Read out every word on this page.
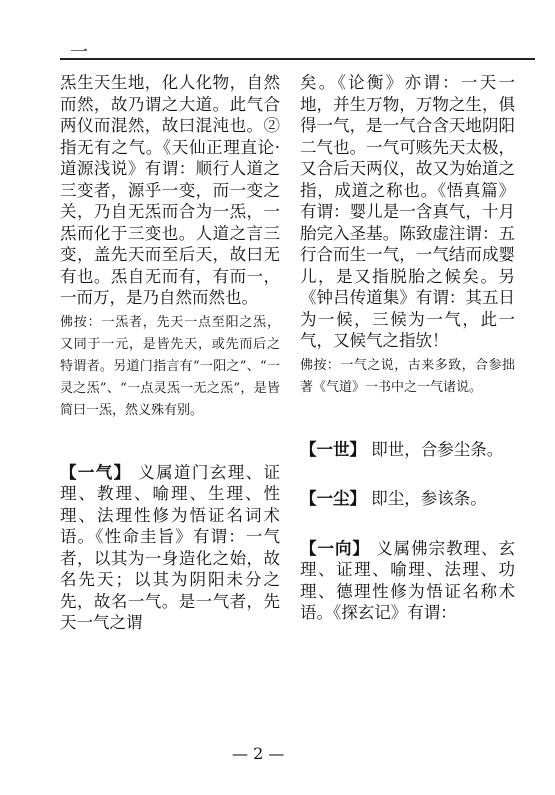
一

炁生天生地，化人化物，自然而然，故乃谓之大道。此气合两仪而混然，故曰混沌也。②指无有之气。《天仙正理直论·道源浅说》有谓：顺行人道之三变者，源乎一变，而一变之关，乃自无炁而合为一炁，一炁而化于三变也。人道之言三变，盖先天而至后天，故曰无有也。炁自无而有，有而一，一而万，是乃自然而然也。

佛按：一炁者，先天一点至阳之炁，又同于一元，是皆先天，或先而后之特谓者。另道门指言有“一阳之”、“一灵之炁”、“一点灵炁一无之炁”，是皆简曰一炁，然义殊有别。

【一气】 义属道门玄理、证理、教理、喻理、生理、性理、法理性修为悟证名词术语。《性命圭旨》有谓：一气者，以其为一身造化之始，故名先天；以其为阴阳未分之先，故名一气。是一气者，先天一气之谓

矣。《论衡》亦谓：一天一地，并生万物，万物之生，俱得一气，是一气合含天地阴阳二气也。一气可赅先天太极，又合后天两仪，故又为始道之指，成道之称也。《悟真篇》有谓：婴儿是一含真气，十月胎完入圣基。陈致虚注谓：五行合而生一气，一气结而成婴儿，是又指脱胎之候矣。另《钟吕传道集》有谓：其五日为一候，三候为一气，此一气，又候气之指欤！

佛按：一气之说，古来多致，合参拙著《气道》一书中之一气诸说。

【一世】 即世，合参尘条。

【一尘】 即尘，参该条。

【一向】 义属佛宗教理、玄理、证理、喻理、法理、功理、德理性修为悟证名称术语。《探玄记》有谓：

— 2 —
